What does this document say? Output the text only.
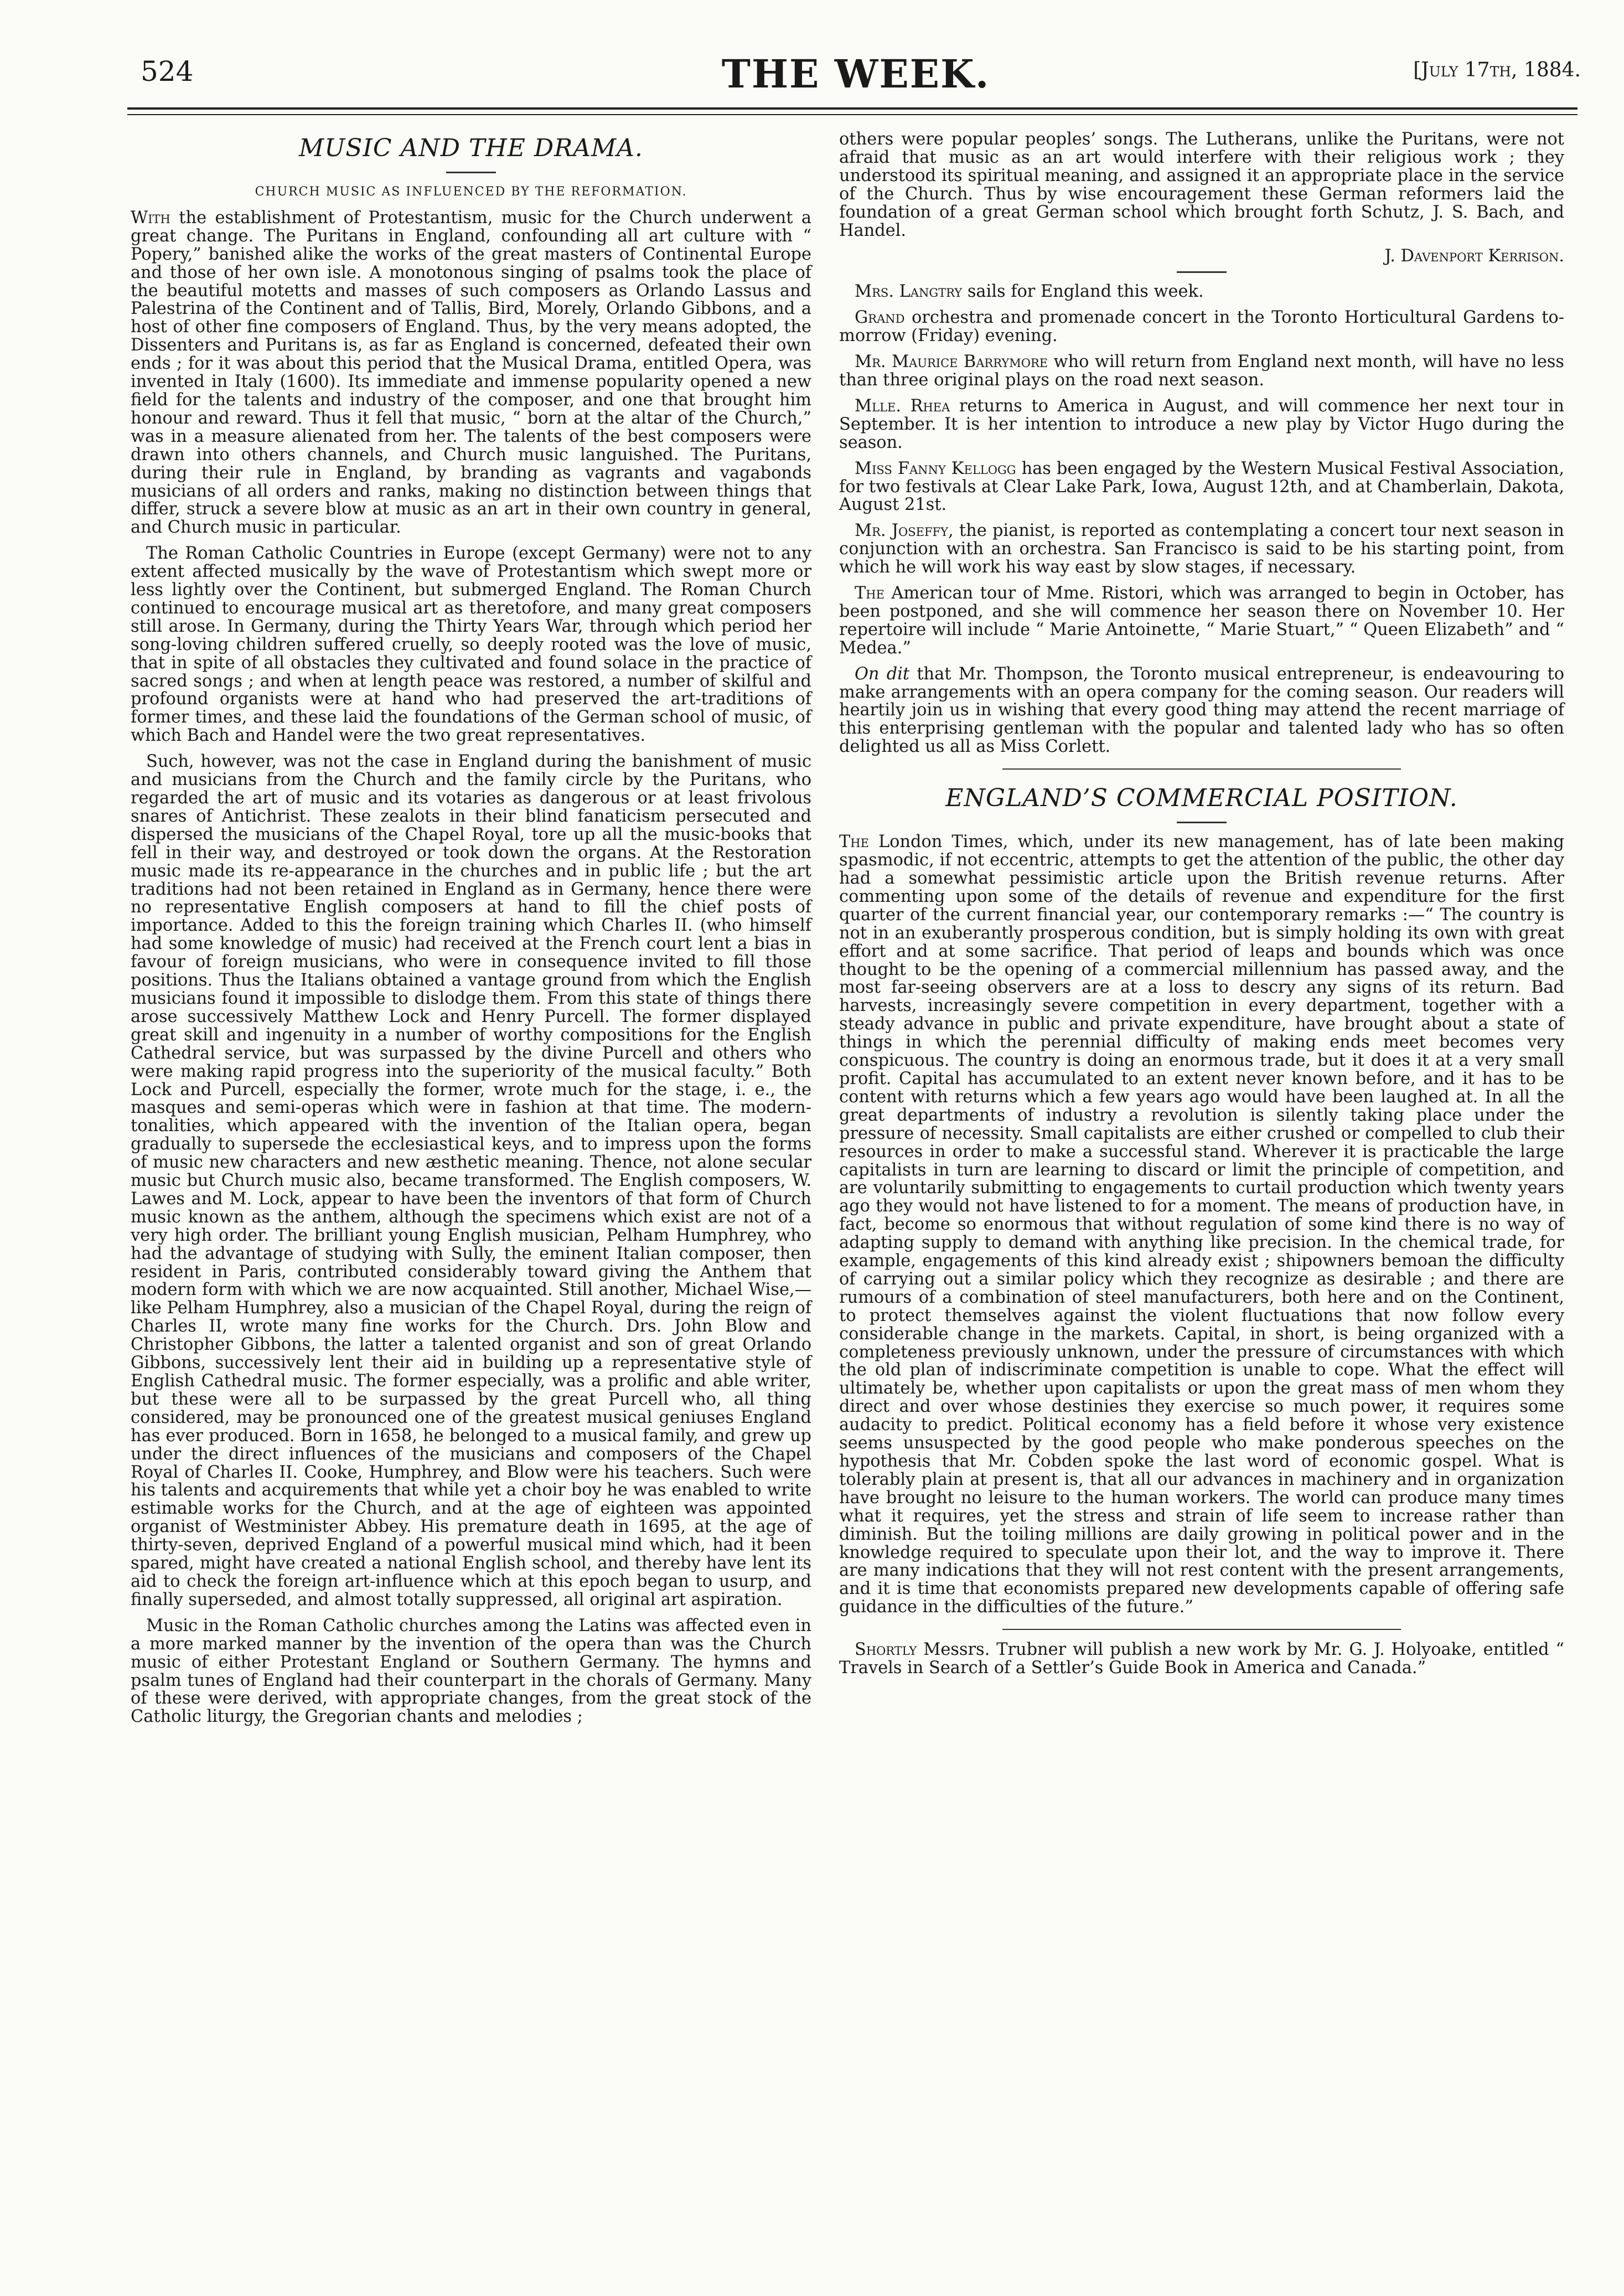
524	THE WEEK.	[July 17th, 1884.
MUSIC AND THE DRAMA.
CHURCH MUSIC AS INFLUENCED BY THE REFORMATION.

With the establishment of Protestantism, music for the Church underwent a great change. The Puritans in England, confounding all art culture with “ Popery,” banished alike the works of the great masters of Continental Europe and those of her own isle. A monotonous singing of psalms took the place of the beautiful motetts and masses of such composers as Orlando Lassus and Palestrina of the Continent and of Tallis, Bird, Morely, Orlando Gibbons, and a host of other fine composers of England. Thus, by the very means adopted, the Dissenters and Puritans is, as far as England is concerned, defeated their own ends ; for it was about this period that the Musical Drama, entitled Opera, was invented in Italy (1600). Its immediate and immense popularity opened a new field for the talents and industry of the composer, and one that brought him honour and reward. Thus it fell that music, “ born at the altar of the Church,” was in a measure alienated from her. The talents of the best composers were drawn into others channels, and Church music languished. The Puritans, during their rule in England, by branding as vagrants and vagabonds musicians of all orders and ranks, making no distinction between things that differ, struck a severe blow at music as an art in their own country in general, and Church music in particular.

The Roman Catholic Countries in Europe (except Germany) were not to any extent affected musically by the wave of Protestantism which swept more or less lightly over the Continent, but submerged England. The Roman Church continued to encourage musical art as theretofore, and many great composers still arose. In Germany, during the Thirty Years War, through which period her song-loving children suffered cruelly, so deeply rooted was the love of music, that in spite of all obstacles they cultivated and found solace in the practice of sacred songs ; and when at length peace was restored, a number of skilful and profound organists were at hand who had preserved the art-traditions of former times, and these laid the foundations of the German school of music, of which Bach and Handel were the two great representatives.

Such, however, was not the case in England during the banishment of music and musicians from the Church and the family circle by the Puritans, who regarded the art of music and its votaries as dangerous or at least frivolous snares of Antichrist. These zealots in their blind fanaticism persecuted and dispersed the musicians of the Chapel Royal, tore up all the music-books that fell in their way, and destroyed or took down the organs. At the Restoration music made its re-appearance in the churches and in public life ; but the art traditions had not been retained in England as in Germany, hence there were no representative English composers at hand to fill the chief posts of importance. Added to this the foreign training which Charles II. (who himself had some knowledge of music) had received at the French court lent a bias in favour of foreign musicians, who were in consequence invited to fill those positions. Thus the Italians obtained a vantage ground from which the English musicians found it impossible to dislodge them. From this state of things there arose successively Matthew Lock and Henry Purcell. The former displayed great skill and ingenuity in a number of worthy compositions for the English Cathedral service, but was surpassed by the divine Purcell and others who were making rapid progress into the superiority of the musical faculty.” Both Lock and Purcell, especially the former, wrote much for the stage, i. e., the masques and semi-operas which were in fashion at that time. The modern-tonalities, which appeared with the invention of the Italian opera, began gradually to supersede the ecclesiastical keys, and to impress upon the forms of music new characters and new æsthetic meaning. Thence, not alone secular music but Church music also, became transformed. The English composers, W. Lawes and M. Lock, appear to have been the inventors of that form of Church music known as the anthem, although the specimens which exist are not of a very high order. The brilliant young English musician, Pelham Humphrey, who had the advantage of studying with Sully, the eminent Italian composer, then resident in Paris, contributed considerably toward giving the Anthem that modern form with which we are now acquainted. Still another, Michael Wise,—like Pelham Humphrey, also a musician of the Chapel Royal, during the reign of Charles II, wrote many fine works for the Church. Drs. John Blow and Christopher Gibbons, the latter a talented organist and son of great Orlando Gibbons, successively lent their aid in building up a representative style of English Cathedral music. The former especially, was a prolific and able writer, but these were all to be surpassed by the great Purcell who, all thing considered, may be pronounced one of the greatest musical geniuses England has ever produced. Born in 1658, he belonged to a musical family, and grew up under the direct influences of the musicians and composers of the Chapel Royal of Charles II. Cooke, Humphrey, and Blow were his teachers. Such were his talents and acquirements that while yet a choir boy he was enabled to write estimable works for the Church, and at the age of eighteen was appointed organist of Westminister Abbey. His premature death in 1695, at the age of thirty-seven, deprived England of a powerful musical mind which, had it been spared, might have created a national English school, and thereby have lent its aid to check the foreign art-influence which at this epoch began to usurp, and finally superseded, and almost totally suppressed, all original art aspiration.

Music in the Roman Catholic churches among the Latins was affected even in a more marked manner by the invention of the opera than was the Church music of either Protestant England or Southern Germany. The hymns and psalm tunes of England had their counterpart in the chorals of Germany. Many of these were derived, with appropriate changes, from the great stock of the Catholic liturgy, the Gregorian chants and melodies ;

others were popular peoples’ songs. The Lutherans, unlike the Puritans, were not afraid that music as an art would interfere with their religious work ; they understood its spiritual meaning, and assigned it an appropriate place in the service of the Church. Thus by wise encouragement these German reformers laid the foundation of a great German school which brought forth Schutz, J. S. Bach, and Handel.

J. Davenport Kerrison.

Mrs. Langtry sails for England this week.

Grand orchestra and promenade concert in the Toronto Horticultural Gardens to-morrow (Friday) evening.

Mr. Maurice Barrymore who will return from England next month, will have no less than three original plays on the road next season.

Mlle. Rhea returns to America in August, and will commence her next tour in September. It is her intention to introduce a new play by Victor Hugo during the season.

Miss Fanny Kellogg has been engaged by the Western Musical Festival Association, for two festivals at Clear Lake Park, Iowa, August 12th, and at Chamberlain, Dakota, August 21st.

Mr. Joseffy, the pianist, is reported as contemplating a concert tour next season in conjunction with an orchestra. San Francisco is said to be his starting point, from which he will work his way east by slow stages, if necessary.

The American tour of Mme. Ristori, which was arranged to begin in October, has been postponed, and she will commence her season there on November 10. Her repertoire will include “ Marie Antoinette, “ Marie Stuart,” “ Queen Elizabeth” and “ Medea.”

On dit that Mr. Thompson, the Toronto musical entrepreneur, is endeavouring to make arrangements with an opera company for the coming season. Our readers will heartily join us in wishing that every good thing may attend the recent marriage of this enterprising gentleman with the popular and talented lady who has so often delighted us all as Miss Corlett.

ENGLAND’S COMMERCIAL POSITION.

The London Times, which, under its new management, has of late been making spasmodic, if not eccentric, attempts to get the attention of the public, the other day had a somewhat pessimistic article upon the British revenue returns. After commenting upon some of the details of revenue and expenditure for the first quarter of the current financial year, our contemporary remarks :—“ The country is not in an exuberantly prosperous condition, but is simply holding its own with great effort and at some sacrifice. That period of leaps and bounds which was once thought to be the opening of a commercial millennium has passed away, and the most far-seeing observers are at a loss to descry any signs of its return. Bad harvests, increasingly severe competition in every department, together with a steady advance in public and private expenditure, have brought about a state of things in which the perennial difficulty of making ends meet becomes very conspicuous. The country is doing an enormous trade, but it does it at a very small profit. Capital has accumulated to an extent never known before, and it has to be content with returns which a few years ago would have been laughed at. In all the great departments of industry a revolution is silently taking place under the pressure of necessity. Small capitalists are either crushed or compelled to club their resources in order to make a successful stand. Wherever it is practicable the large capitalists in turn are learning to discard or limit the principle of competition, and are voluntarily submitting to engagements to curtail production which twenty years ago they would not have listened to for a moment. The means of production have, in fact, become so enormous that without regulation of some kind there is no way of adapting supply to demand with anything like precision. In the chemical trade, for example, engagements of this kind already exist ; shipowners bemoan the difficulty of carrying out a similar policy which they recognize as desirable ; and there are rumours of a combination of steel manufacturers, both here and on the Continent, to protect themselves against the violent fluctuations that now follow every considerable change in the markets. Capital, in short, is being organized with a completeness previously unknown, under the pressure of circumstances with which the old plan of indiscriminate competition is unable to cope. What the effect will ultimately be, whether upon capitalists or upon the great mass of men whom they direct and over whose destinies they exercise so much power, it requires some audacity to predict. Political economy has a field before it whose very existence seems unsuspected by the good people who make ponderous speeches on the hypothesis that Mr. Cobden spoke the last word of economic gospel. What is tolerably plain at present is, that all our advances in machinery and in organization have brought no leisure to the human workers. The world can produce many times what it requires, yet the stress and strain of life seem to increase rather than diminish. But the toiling millions are daily growing in political power and in the knowledge required to speculate upon their lot, and the way to improve it. There are many indications that they will not rest content with the present arrangements, and it is time that economists prepared new developments capable of offering safe guidance in the difficulties of the future.”

Shortly Messrs. Trubner will publish a new work by Mr. G. J. Holyoake, entitled “ Travels in Search of a Settler’s Guide Book in America and Canada.”
